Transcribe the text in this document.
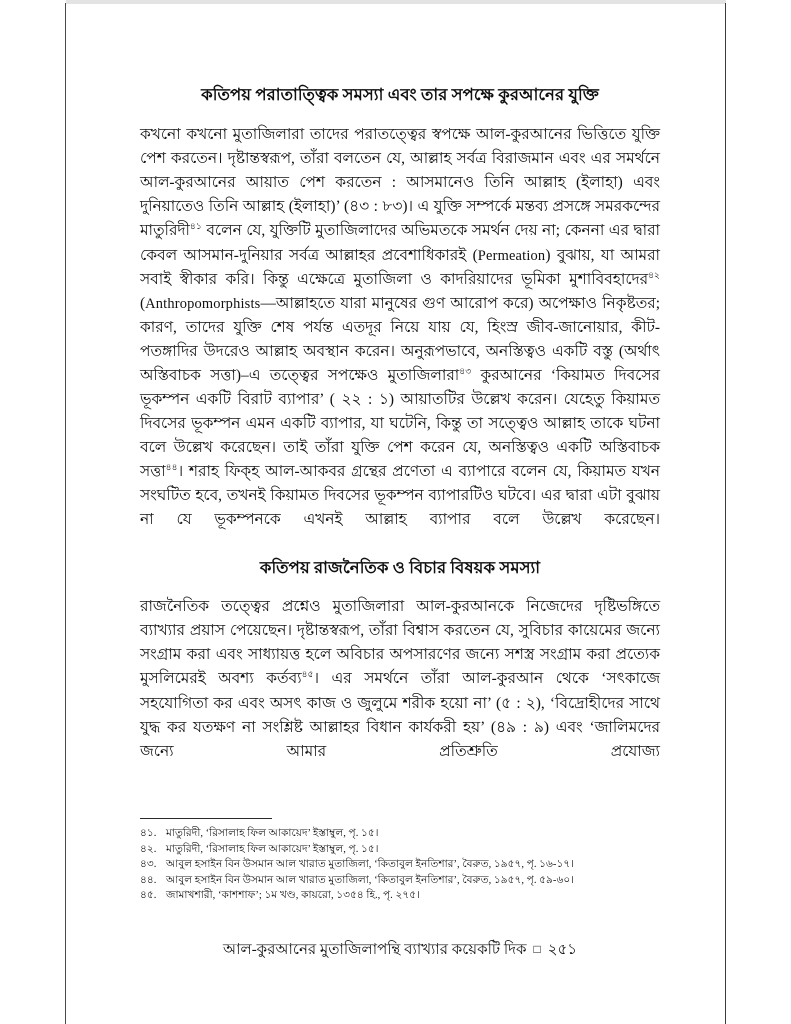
কতিপয় পরাতাত্ত্বিক সমস্যা এবং তার সপক্ষে কুরআনের যুক্তি

কখনো কখনো মুতাজিলারা তাদের পরাতত্ত্বের স্বপক্ষে আল-কুরআনের ভিত্তিতে যুক্তি পেশ করতেন। দৃষ্টান্তস্বরূপ, তাঁরা বলতেন যে, আল্লাহ সর্বত্র বিরাজমান এবং এর সমর্থনে আল-কুরআনের আয়াত পেশ করতেন : আসমানেও তিনি আল্লাহ (ইলাহা) এবং দুনিয়াতেও তিনি আল্লাহ (ইলাহা)’ (৪৩ : ৮৩)। এ যুক্তি সম্পর্কে মন্তব্য প্রসঙ্গে সমরকন্দের মাতুরিদী$^{৪১}$ বলেন যে, যুক্তিটি মুতাজিলাদের অভিমতকে সমর্থন দেয় না; কেননা এর দ্বারা কেবল আসমান-দুনিয়ার সর্বত্র আল্লাহর প্রবেশাধিকারই (Permeation) বুঝায়, যা আমরা সবাই স্বীকার করি। কিন্তু এক্ষেত্রে মুতাজিলা ও কাদরিয়াদের ভূমিকা মুশাবিবহাদের$^{৪২}$ (Anthropomorphists—আল্লাহতে যারা মানুষের গুণ আরোপ করে) অপেক্ষাও নিকৃষ্টতর; কারণ, তাদের যুক্তি শেষ পর্যন্ত এতদূর নিয়ে যায় যে, হিংস্র জীব-জানোয়ার, কীট-পতঙ্গাদির উদরেও আল্লাহ অবস্থান করেন। অনুরূপভাবে, অনস্তিত্বও একটি বস্তু (অর্থাৎ অস্তিবাচক সত্তা)–এ তত্ত্বের সপক্ষেও মুতাজিলারা$^{৪৩}$ কুরআনের ‘কিয়ামত দিবসের ভূকম্পন একটি বিরাট ব্যাপার’ ( ২২ : ১) আয়াতটির উল্লেখ করেন। যেহেতু কিয়ামত দিবসের ভূকম্পন এমন একটি ব্যাপার, যা ঘটেনি, কিন্তু তা সত্ত্বেও আল্লাহ তাকে ঘটনা বলে উল্লেখ করেছেন। তাই তাঁরা যুক্তি পেশ করেন যে, অনস্তিত্বও একটি অস্তিবাচক সত্তা$^{৪৪}$। শরাহ ফিক্‌হ আল-আকবর গ্রন্থের প্রণেতা এ ব্যাপারে বলেন যে, কিয়ামত যখন সংঘটিত হবে, তখনই কিয়ামত দিবসের ভূকম্পন ব্যাপারটিও ঘটবে। এর দ্বারা এটা বুঝায় না যে ভূকম্পনকে এখনই আল্লাহ ব্যাপার বলে উল্লেখ করেছেন।

কতিপয় রাজনৈতিক ও বিচার বিষয়ক সমস্যা

রাজনৈতিক তত্ত্বের প্রশ্নেও মুতাজিলারা আল-কুরআনকে নিজেদের দৃষ্টিভঙ্গিতে ব্যাখ্যার প্রয়াস পেয়েছেন। দৃষ্টান্তস্বরূপ, তাঁরা বিশ্বাস করতেন যে, সুবিচার কায়েমের জন্যে সংগ্রাম করা এবং সাধ্যায়ত্ত হলে অবিচার অপসারণের জন্যে সশস্ত্র সংগ্রাম করা প্রত্যেক মুসলিমেরই অবশ্য কর্তব্য$^{৪৫}$। এর সমর্থনে তাঁরা আল-কুরআন থেকে ‘সৎকাজে সহযোগিতা কর এবং অসৎ কাজ ও জুলুমে শরীক হয়ো না’ (৫ : ২), ‘বিদ্রোহীদের সাথে যুদ্ধ কর যতক্ষণ না সংশ্লিষ্ট আল্লাহর বিধান কার্যকরী হয়’ (৪৯ : ৯) এবং ‘জালিমদের জন্যে আমার প্রতিশ্রুতি প্রযোজ্য

৪১. মাতুরিদী, ‘রিসালাহ ফিল আকায়েদ’ ইস্তাম্বুল, পৃ. ১৫।
৪২. মাতুরিদী, ‘রিসালাহ ফিল আকায়েদ’ ইস্তাম্বুল, পৃ. ১৫।
৪৩. আবুল হসাইন বিন উসমান আল খারাত মুতাজিলা, ‘কিতাবুল ইনতিশার’, বৈরুত, ১৯৫৭, পৃ. ১৬-১৭।
৪৪. আবুল হসাইন বিন উসমান আল খারাত মুতাজিলা, ‘কিতাবুল ইনতিশার’, বৈরুত, ১৯৫৭, পৃ. ৫৯-৬০।
৪৫. জামাখশারী, ‘কাশশাফ’; ১ম খণ্ড, কায়রো, ১৩৫৪ হি., পৃ. ২৭৫।
আল-কুরআনের মুতাজিলাপন্থি ব্যাখ্যার কয়েকটি দিক □ ২৫১
